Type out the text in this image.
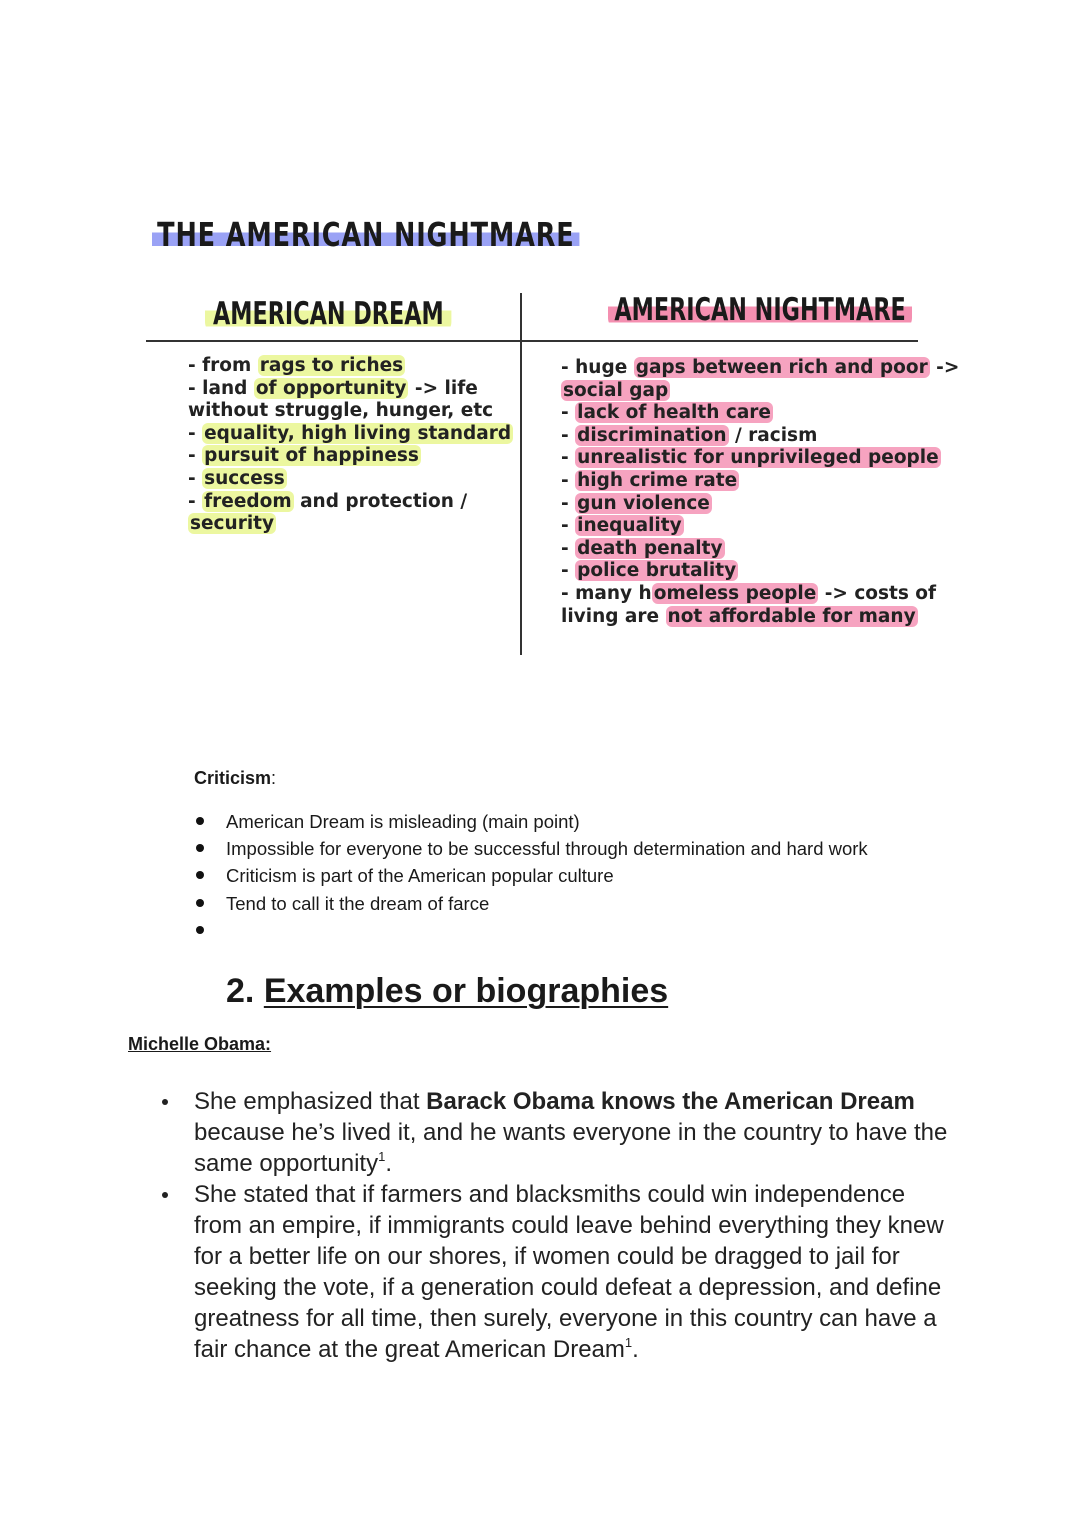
THE AMERICAN NIGHTMARE
AMERICAN DREAM	AMERICAN NIGHTMARE
- from rags to riches
- land of opportunity -> life
without struggle, hunger, etc
- equality, high living standard
- pursuit of happiness
- success
- freedom and protection /
security
- huge gaps between rich and poor ->
social gap
- lack of health care
- discrimination / racism
- unrealistic for unprivileged people
- high crime rate
- gun violence
- inequality
- death penalty
- police brutality
- many h omeless people -> costs of
living are not affordable for many
Criticism:
American Dream is misleading (main point)
Impossible for everyone to be successful through determination and hard work
Criticism is part of the American popular culture
Tend to call it the dream of farce
2. Examples or biographies
Michelle Obama:
She emphasized that Barack Obama knows the American Dream because he’s lived it, and he wants everyone in the country to have the same opportunity$^1$.
She stated that if farmers and blacksmiths could win independence from an empire, if immigrants could leave behind everything they knew for a better life on our shores, if women could be dragged to jail for seeking the vote, if a generation could defeat a depression, and define greatness for all time, then surely, everyone in this country can have a fair chance at the great American Dream$^1$.
